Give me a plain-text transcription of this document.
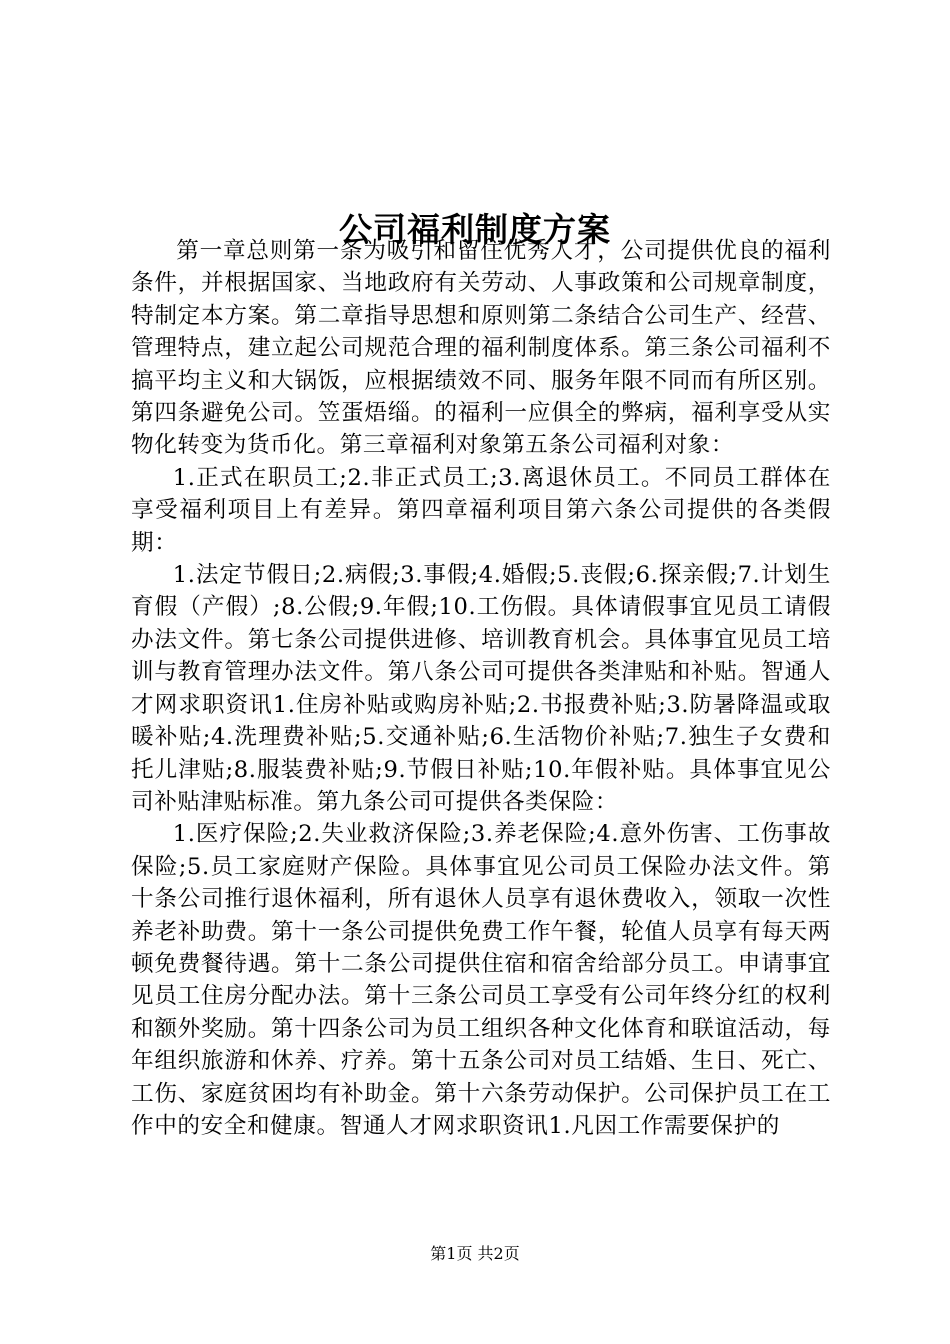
公司福利制度方案

第一章总则第一条为吸引和留住优秀人才，公司提供优良的福利条件，并根据国家、当地政府有关劳动、人事政策和公司规章制度，特制定本方案。第二章指导思想和原则第二条结合公司生产、经营、管理特点，建立起公司规范合理的福利制度体系。第三条公司福利不搞平均主义和大锅饭，应根据绩效不同、服务年限不同而有所区别。第四条避免公司。笠蛋焐缁。的福利一应俱全的弊病，福利享受从实物化转变为货币化。第三章福利对象第五条公司福利对象：

1.正式在职员工;2.非正式员工;3.离退休员工。不同员工群体在享受福利项目上有差异。第四章福利项目第六条公司提供的各类假期：

1.法定节假日;2.病假;3.事假;4.婚假;5.丧假;6.探亲假;7.计划生育假（产假）;8.公假;9.年假;10.工伤假。具体请假事宜见员工请假办法文件。第七条公司提供进修、培训教育机会。具体事宜见员工培训与教育管理办法文件。第八条公司可提供各类津贴和补贴。智通人才网求职资讯1.住房补贴或购房补贴;2.书报费补贴;3.防暑降温或取暖补贴;4.洗理费补贴;5.交通补贴;6.生活物价补贴;7.独生子女费和托儿津贴;8.服装费补贴;9.节假日补贴;10.年假补贴。具体事宜见公司补贴津贴标准。第九条公司可提供各类保险：

1.医疗保险;2.失业救济保险;3.养老保险;4.意外伤害、工伤事故保险;5.员工家庭财产保险。具体事宜见公司员工保险办法文件。第十条公司推行退休福利，所有退休人员享有退休费收入，领取一次性养老补助费。第十一条公司提供免费工作午餐，轮值人员享有每天两顿免费餐待遇。第十二条公司提供住宿和宿舍给部分员工。申请事宜见员工住房分配办法。第十三条公司员工享受有公司年终分红的权利和额外奖励。第十四条公司为员工组织各种文化体育和联谊活动，每年组织旅游和休养、疗养。第十五条公司对员工结婚、生日、死亡、工伤、家庭贫困均有补助金。第十六条劳动保护。公司保护员工在工作中的安全和健康。智通人才网求职资讯1.凡因工作需要保护的

第1页 共2页
